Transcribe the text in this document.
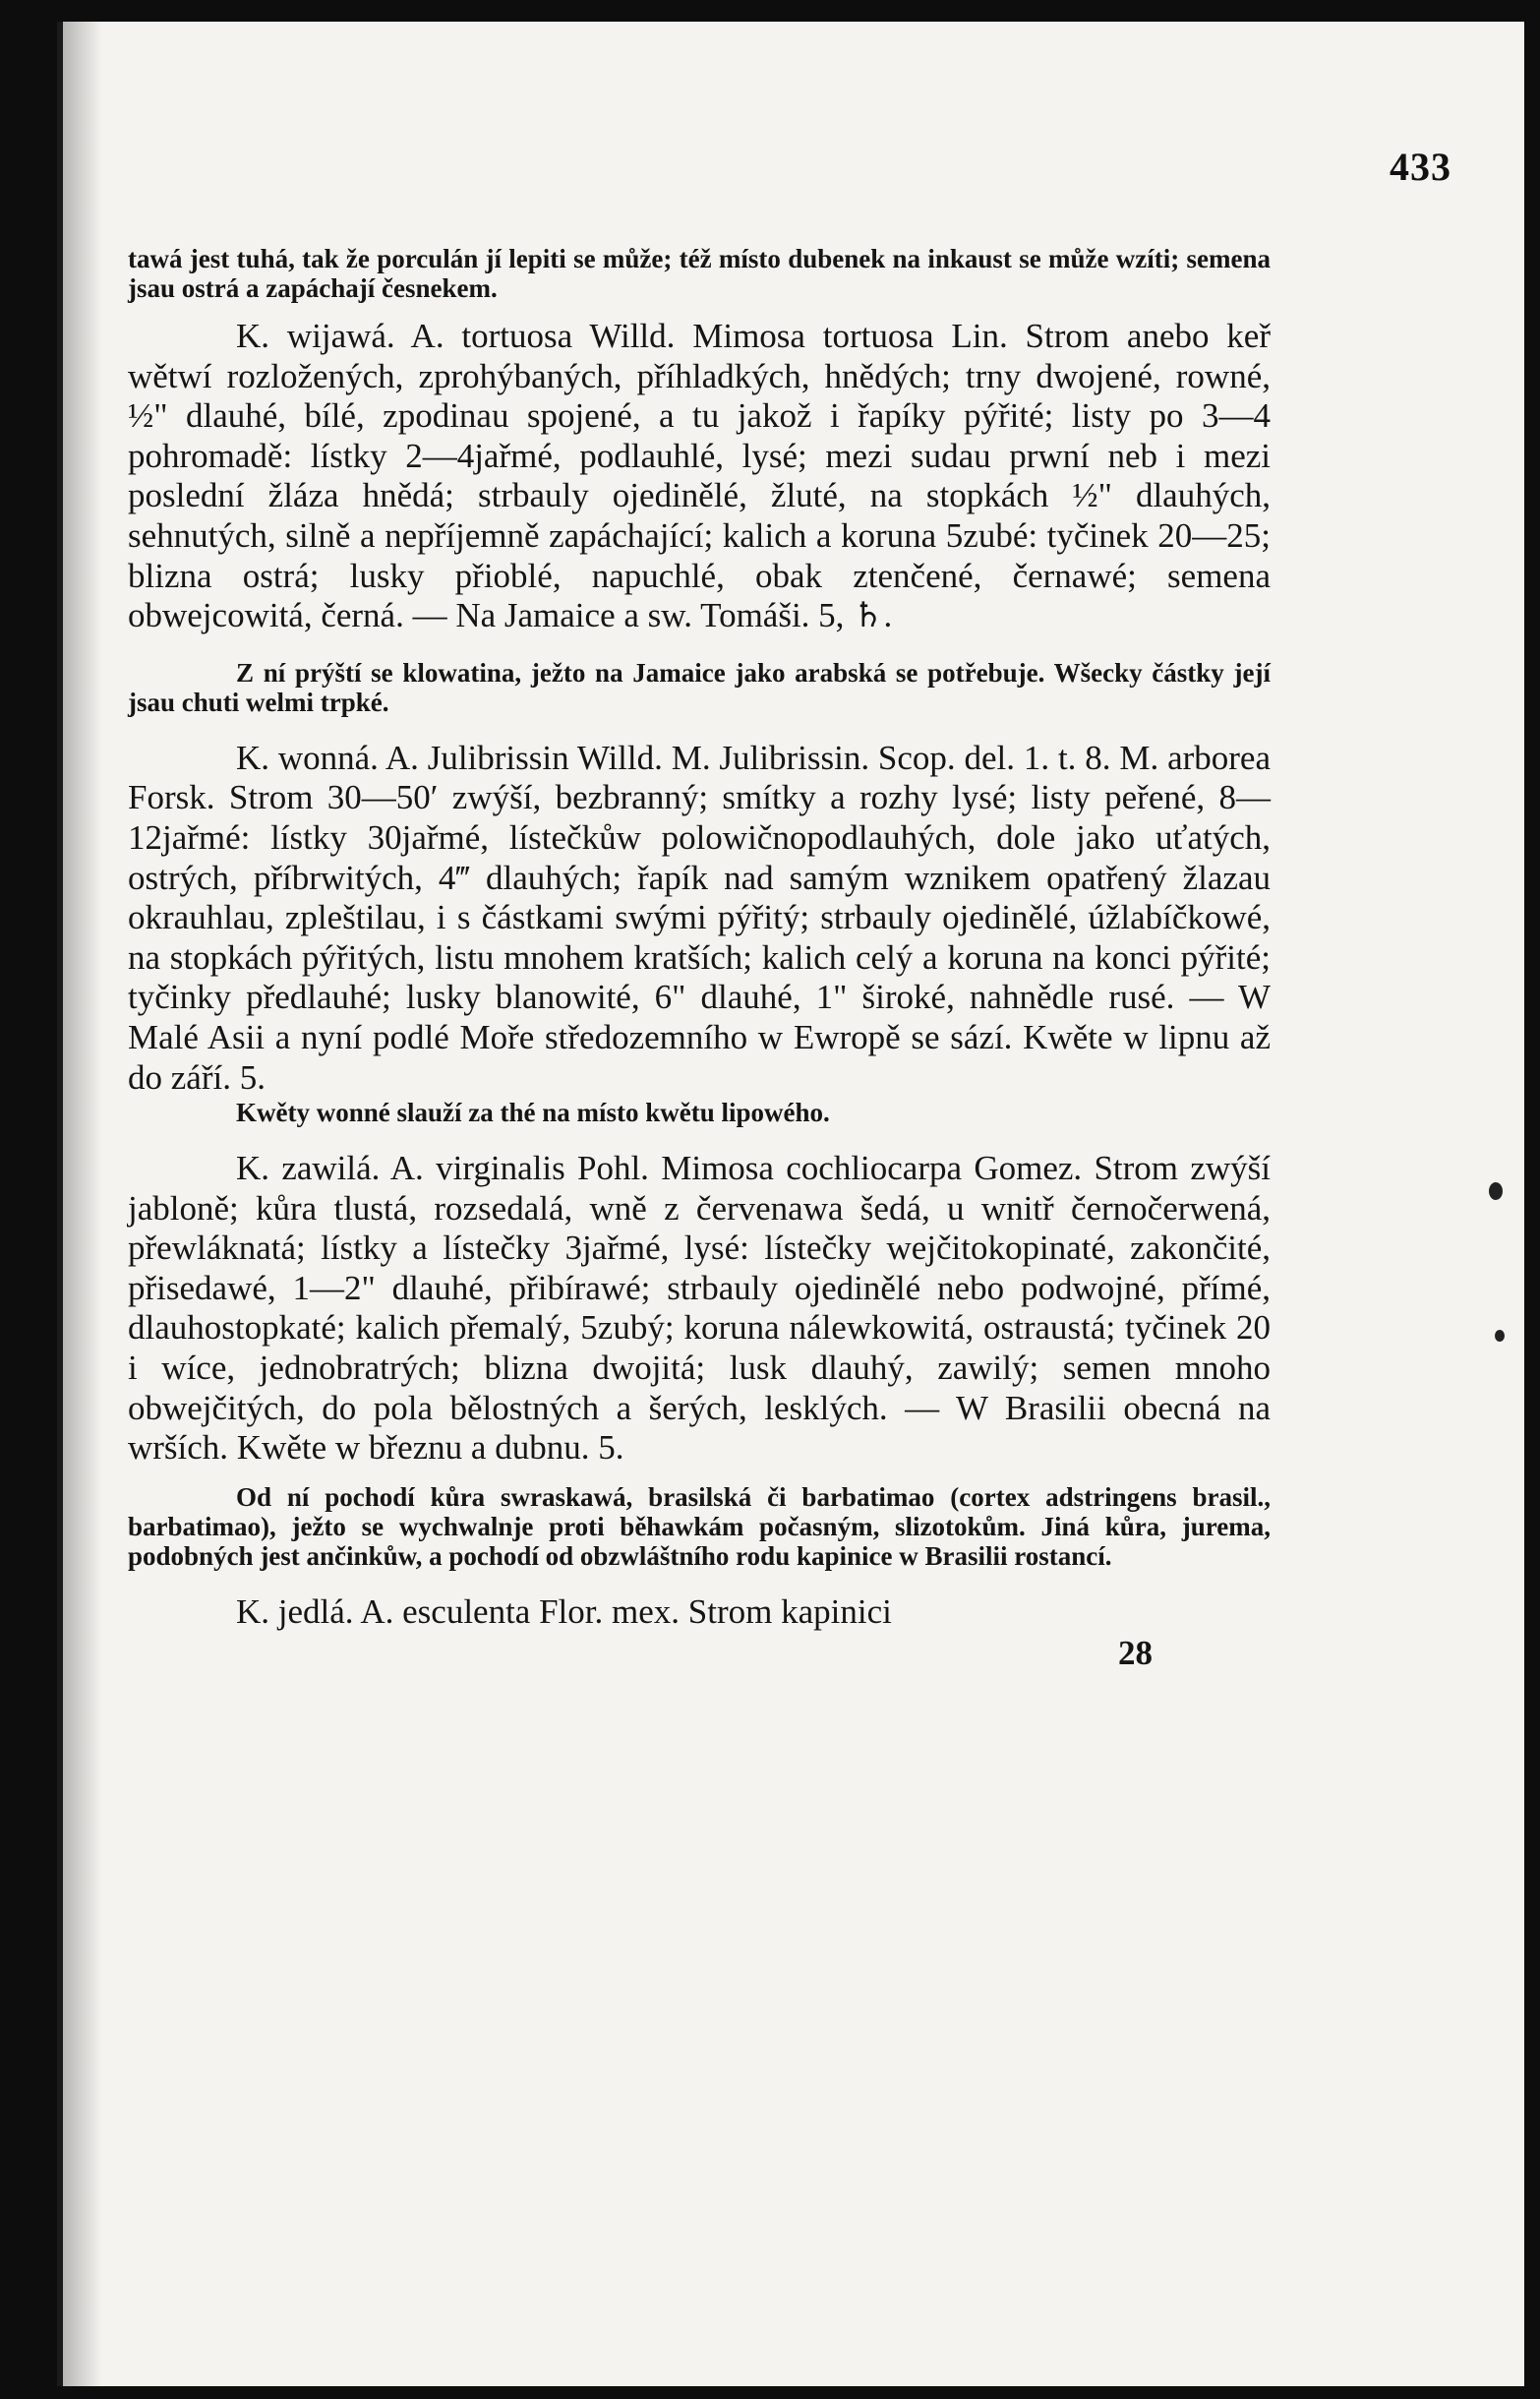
433

tawá jest tuhá, tak že porculán jí lepiti se může; též místo dubenek na inkaust se může wzíti; semena jsau ostrá a zapáchají česnekem.

K. wijawá. A. tortuosa Willd. Mimosa tortuosa Lin. Strom anebo keř wětwí rozložených, zprohýbaných, příhladkých, hnědých; trny dwojené, rowné, ½" dlauhé, bílé, zpodinau spojené, a tu jakož i řapíky pýřité; listy po 3—4 pohromadě: lístky 2—4jařmé, podlauhlé, lysé; mezi sudau prwní neb i mezi poslední žláza hnědá; strbauly ojedinělé, žluté, na stopkách ½" dlauhých, sehnutých, silně a nepříjemně zapáchající; kalich a koruna 5zubé: tyčinek 20—25; blizna ostrá; lusky přioblé, napuchlé, obak ztenčené, černawé; semena obwejcowitá, černá. — Na Jamaice a sw. Tomáši. 5, ♄.

Z ní prýští se klowatina, ježto na Jamaice jako arabská se potřebuje. Wšecky částky její jsau chuti welmi trpké.

K. wonná. A. Julibrissin Willd. M. Julibrissin. Scop. del. 1. t. 8. M. arborea Forsk. Strom 30—50′ zwýší, bezbranný; smítky a rozhy lysé; listy peřené, 8—12jařmé: lístky 30jařmé, lístečkůw polowičnopodlauhých, dole jako uťatých, ostrých, příbrwitých, 4‴ dlauhých; řapík nad samým wznikem opatřený žlazau okrauhlau, zpleštilau, i s částkami swými pýřitý; strbauly ojedinělé, úžlabíčkowé, na stopkách pýřitých, listu mnohem kratších; kalich celý a koruna na konci pýřité; tyčinky předlauhé; lusky blanowité, 6" dlauhé, 1" široké, nahnědle rusé. — W Malé Asii a nyní podlé Moře středozemního w Ewropě se sází. Kwěte w lipnu až do září. 5.

Kwěty wonné slauží za thé na místo kwětu lipowého.

K. zawilá. A. virginalis Pohl. Mimosa cochliocarpa Gomez. Strom zwýší jabloně; kůra tlustá, rozsedalá, wně z červenawa šedá, u wnitř černočerwená, přewláknatá; lístky a lístečky 3jařmé, lysé: lístečky wejčitokopinaté, zakončité, přisedawé, 1—2" dlauhé, přibírawé; strbauly ojedinělé nebo podwojné, přímé, dlauhostopkaté; kalich přemalý, 5zubý; koruna nálewkowitá, ostraustá; tyčinek 20 i wíce, jednobratrých; blizna dwojitá; lusk dlauhý, zawilý; semen mnoho obwejčitých, do pola bělostných a šerých, lesklých. — W Brasilii obecná na wrších. Kwěte w březnu a dubnu. 5.

Od ní pochodí kůra swraskawá, brasilská či barbatimao (cortex adstringens brasil., barbatimao), ježto se wychwalnje proti běhawkám počasným, slizotokům. Jiná kůra, jurema, podobných jest ančinkůw, a pochodí od obzwláštního rodu kapinice w Brasilii rostancí.

K. jedlá. A. esculenta Flor. mex. Strom kapinici

28
